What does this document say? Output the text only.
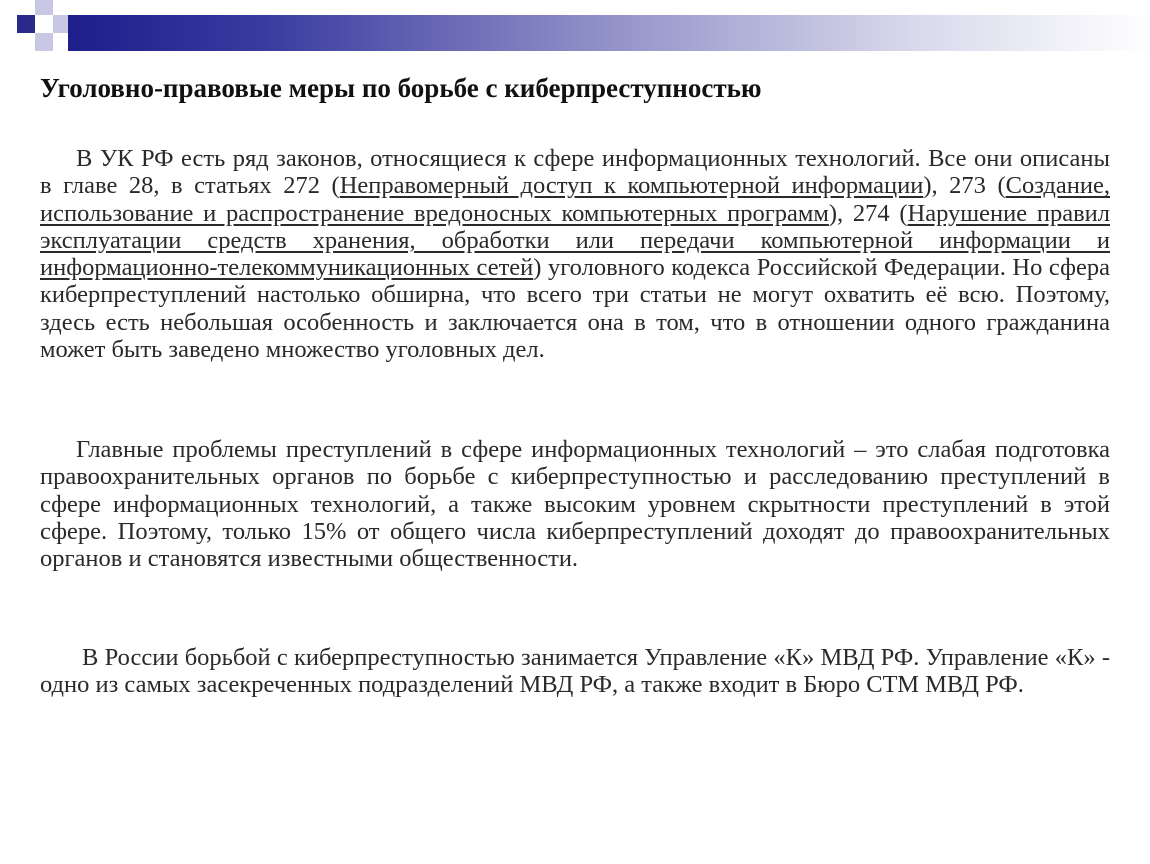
Уголовно-правовые меры по борьбе с киберпреступностью
В УК РФ есть ряд законов, относящиеся к сфере информационных технологий. Все они описаны в главе 28, в статьях 272 (Неправомерный доступ к компьютерной информации), 273 (Создание, использование и распространение вредоносных компьютерных программ), 274 (Нарушение правил эксплуатации средств хранения, обработки или передачи компьютерной информации и информационно-телекоммуникационных сетей) уголовного кодекса Российской Федерации. Но сфера киберпреступлений настолько обширна, что всего три статьи не могут охватить её всю. Поэтому, здесь есть небольшая особенность и заключается она в том, что в отношении одного гражданина может быть заведено множество уголовных дел.
Главные проблемы преступлений в сфере информационных технологий – это слабая подготовка правоохранительных органов по борьбе с киберпреступностью и расследованию преступлений в сфере информационных технологий, а также высоким уровнем скрытности преступлений в этой сфере. Поэтому, только 15% от общего числа киберпреступлений доходят до правоохранительных органов и становятся известными общественности.
В России борьбой с киберпреступностью занимается Управление «К» МВД РФ. Управление «К» - одно из самых засекреченных подразделений МВД РФ, а также входит в Бюро СТМ МВД РФ.
